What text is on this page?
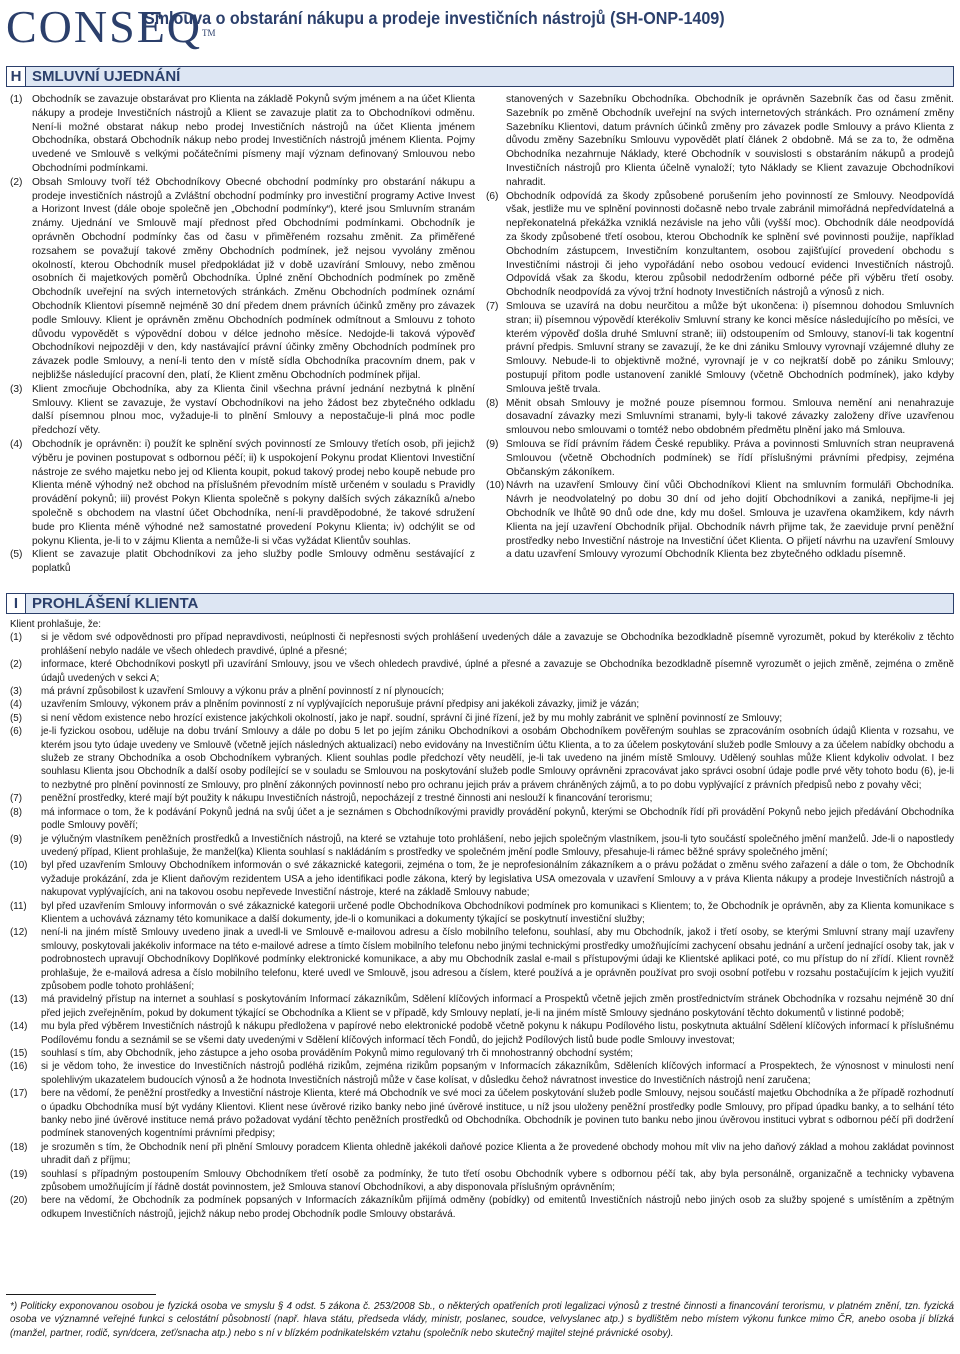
CONSEQ™
Smlouva o obstarání nákupu a prodeje investičních nástrojů (SH-ONP-1409)
H SMLUVNÍ UJEDNÁNÍ
(1) Obchodník se zavazuje obstarávat pro Klienta na základě Pokynů svým jménem a na účet Klienta nákupy a prodeje Investičních nástrojů a Klient se zavazuje platit za to Obchodníkovi odměnu. Není-li možné obstarat nákup nebo prodej Investičních nástrojů na účet Klienta jménem Obchodníka, obstará Obchodník nákup nebo prodej Investičních nástrojů jménem Klienta. Pojmy uvedené ve Smlouvě s velkými počátečními písmeny mají význam definovaný Smlouvou nebo Obchodními podmínkami.
(2) Obsah Smlouvy tvoří též Obchodníkovy Obecné obchodní podmínky pro obstarání nákupu a prodeje investičních nástrojů a Zvláštní obchodní podmínky pro investiční programy Active Invest a Horizont Invest (dále oboje společně jen „Obchodní podmínky“), které jsou Smluvním stranám známy. Ujednání ve Smlouvě mají přednost před Obchodními podmínkami. Obchodník je oprávněn Obchodní podmínky čas od času v přiměřeném rozsahu změnit. Za přiměřené rozsahem se považují takové změny Obchodních podmínek, jež nejsou vyvolány změnou okolností, kterou Obchodník musel předpokládat již v době uzavírání Smlouvy, nebo změnou osobních či majetkových poměrů Obchodníka. Úplné znění Obchodních podmínek po změně Obchodník uveřejní na svých internetových stránkách. Změnu Obchodních podmínek oznámí Obchodník Klientovi písemně nejméně 30 dní předem dnem právních účinků změny pro závazek podle Smlouvy. Klient je oprávněn změnu Obchodních podmínek odmítnout a Smlouvu z tohoto důvodu vypovědět s výpovědní dobou v délce jednoho měsíce. Nedojde-li taková výpověď Obchodníkovi nejpozději v den, kdy nastávající právní účinky změny Obchodních podmínek pro závazek podle Smlouvy, a není-li tento den v místě sídla Obchodníka pracovním dnem, pak v nejbližše následující pracovní den, platí, že Klient změnu Obchodních podmínek přijal.
(3) Klient zmocňuje Obchodníka, aby za Klienta činil všechna právní jednání nezbytná k plnění Smlouvy. Klient se zavazuje, že vystaví Obchodníkovi na jeho žádost bez zbytečného odkladu další písemnou plnou moc, vyžaduje-li to plnění Smlouvy a nepostačuje-li plná moc podle předchozí věty.
(4) Obchodník je oprávněn: i) použít ke splnění svých povinností ze Smlouvy třetích osob, při jejichž výběru je povinen postupovat s odbornou péčí; ii) k uspokojení Pokynu prodat Klientovi Investiční nástroje ze svého majetku nebo jej od Klienta koupit, pokud takový prodej nebo koupě nebude pro Klienta méně výhodný než obchod na příslušném převodním místě určeném v souladu s Pravidly provádění pokynů; iii) provést Pokyn Klienta společně s pokyny dalších svých zákazníků a/nebo společně s obchodem na vlastní účet Obchodníka, není-li pravděpodobné, že takové sdružení bude pro Klienta méně výhodné než samostatné provedení Pokynu Klienta; iv) odchýlit se od pokynu Klienta, je-li to v zájmu Klienta a nemůže-li si včas vyžádat Klientův souhlas.
(5) Klient se zavazuje platit Obchodníkovi za jeho služby podle Smlouvy odměnu sestávající z poplatků
stanovených v Sazebníku Obchodníka. Obchodník je oprávněn Sazebník čas od času změnit. Sazebník po změně Obchodník uveřejní na svých internetových stránkách. Pro oznámení změny Sazebníku Klientovi, datum právních účinků změny pro závazek podle Smlouvy a právo Klienta z důvodu změny Sazebníku Smlouvu vypovědět platí článek 2 obdobně. Má se za to, že odměna Obchodníka nezahrnuje Náklady, které Obchodník v souvislosti s obstaráním nákupů a prodejů Investičních nástrojů pro Klienta účelně vynaloží; tyto Náklady se Klient zavazuje Obchodníkovi nahradit.
(6) Obchodník odpovídá za škody způsobené porušením jeho povinností ze Smlouvy. Neodpovídá však, jestliže mu ve splnění povinnosti dočasně nebo trvale zabránil mimořádná nepředvídatelná a nepřekonatelná překážka vzniklá nezávisle na jeho vůli (vyšší moc). Obchodník dále neodpovídá za škody způsobené třetí osobou, kterou Obchodník ke splnění své povinnosti použije, například Obchodním zástupcem, Investičním konzultantem, osobou zajišťující provedení obchodu s Investičními nástroji či jeho vypořádání nebo osobou vedoucí evidenci Investičních nástrojů. Odpovídá však za škodu, kterou způsobil nedodržením odborné péče při výběru třetí osoby. Obchodník neodpovídá za vývoj tržní hodnoty Investičních nástrojů a výnosů z nich.
(7) Smlouva se uzavírá na dobu neurčitou a může být ukončena: i) písemnou dohodou Smluvních stran; ii) písemnou výpovědí kterékoliv Smluvní strany ke konci měsíce následujícího po měsíci, ve kterém výpověď došla druhé Smluvní straně; iii) odstoupením od Smlouvy, stanoví-li tak kogentní právní předpis. Smluvní strany se zavazují, že ke dni zániku Smlouvy vyrovnají vzájemné dluhy ze Smlouvy. Nebude-li to objektivně možné, vyrovnají je v co nejkratší době po zániku Smlouvy; postupují přitom podle ustanovení zaniklé Smlouvy (včetně Obchodních podmínek), jako kdyby Smlouva ještě trvala.
(8) Měnit obsah Smlouvy je možné pouze písemnou formou. Smlouva nemění ani nenahrazuje dosavadní závazky mezi Smluvními stranami, byly-li takové závazky založeny dříve uzavřenou smlouvou nebo smlouvami o tomtéž nebo obdobném předmětu plnění jako má Smlouva.
(9) Smlouva se řídí právním řádem České republiky. Práva a povinnosti Smluvních stran neupravená Smlouvou (včetně Obchodních podmínek) se řídí příslušnými právními předpisy, zejména Občanským zákoníkem.
(10) Návrh na uzavření Smlouvy činí vůči Obchodníkovi Klient na smluvním formuláři Obchodníka. Návrh je neodvolatelný po dobu 30 dní od jeho dojití Obchodníkovi a zaniká, nepřijme-li jej Obchodník ve lhůtě 90 dnů ode dne, kdy mu došel. Smlouva je uzavřena okamžikem, kdy návrh Klienta na její uzavření Obchodník přijal. Obchodník návrh přijme tak, že zaeviduje první peněžní prostředky nebo Investiční nástroje na Investiční účet Klienta. O přijetí návrhu na uzavření Smlouvy a datu uzavření Smlouvy vyrozumí Obchodník Klienta bez zbytečného odkladu písemně.
I PROHLÁŠENÍ KLIENTA

Klient prohlašuje, že:

(1)	si je vědom své odpovědnosti pro případ nepravdivosti, neúplnosti či nepřesnosti svých prohlášení uvedených dále a zavazuje se Obchodníka bezodkladně písemně vyrozumět, pokud by kterékoliv z těchto prohlášení nebylo nadále ve všech ohledech pravdivé, úplné a přesné;
(2)	informace, které Obchodníkovi poskytl při uzavírání Smlouvy, jsou ve všech ohledech pravdivé, úplné a přesné a zavazuje se Obchodníka bezodkladně písemně vyrozumět o jejich změně, zejména o změně údajů uvedených v sekci A;
(3)	má právní způsobilost k uzavření Smlouvy a výkonu práv a plnění povinností z ní plynoucích;
(4)	uzavřením Smlouvy, výkonem práv a plněním povinností z ní vyplývajících neporušuje právní předpisy ani jakékoli závazky, jimiž je vázán;
(5)	si není vědom existence nebo hrozící existence jakýchkoli okolností, jako je např. soudní, správní či jiné řízení, jež by mu mohly zabránit ve splnění povinností ze Smlouvy;
(6)	je-li fyzickou osobou, uděluje na dobu trvání Smlouvy a dále po dobu 5 let po jejím zániku Obchodníkovi a osobám Obchodníkem pověřeným souhlas se zpracováním osobních údajů Klienta v rozsahu, ve kterém jsou tyto údaje uvedeny ve Smlouvě (včetně jejích následných aktualizací) nebo evidovány na Investičním účtu Klienta, a to za účelem poskytování služeb podle Smlouvy a za účelem nabídky obchodu a služeb ze strany Obchodníka a osob Obchodníkem vybraných. Klient souhlas podle předchozí věty neudělí, je-li tak uvedeno na jiném místě Smlouvy. Udělený souhlas může Klient kdykoliv odvolat. I bez souhlasu Klienta jsou Obchodník a další osoby podílející se v souladu se Smlouvou na poskytování služeb podle Smlouvy oprávněni zpracovávat jako správci osobní údaje podle prvé věty tohoto bodu (6), je-li to nezbytné pro plnění povinností ze Smlouvy, pro plnění zákonných povinností nebo pro ochranu jejich práv a právem chráněných zájmů, a to po dobu vyplývající z právních předpisů nebo z povahy věci;
(7)	peněžní prostředky, které mají být použity k nákupu Investičních nástrojů, nepocházejí z trestné činnosti ani neslouží k financování terorismu;
(8)	má informace o tom, že k podávání Pokynů jedná na svůj účet a je seznámen s Obchodníkovými pravidly provádění pokynů, kterými se Obchodník řídí při provádění Pokynů nebo jejich předávání Obchodníka podle Smlouvy pověří;
(9)	je výlučným vlastníkem peněžních prostředků a Investičních nástrojů, na které se vztahuje toto prohlášení, nebo jejich společným vlastníkem, jsou-li tyto součástí společného jmění manželů. Jde-li o napostledy uvedený případ, Klient prohlašuje, že manžel(ka) Klienta souhlasí s nakládáním s prostředky ve společném jmění podle Smlouvy, přesahuje-li rámec běžné správy společného jmění;
(10)	byl před uzavřením Smlouvy Obchodníkem informován o své zákaznické kategorii, zejména o tom, že je neprofesionálním zákazníkem a o právu požádat o změnu svého zařazení a dále o tom, že Obchodník vyžaduje prokázání, zda je Klient daňovým rezidentem USA a jeho identifikaci podle zákona, který by legislativa USA omezovala v uzavření Smlouvy a v práva Klienta nákupy a prodeje Investičních nástrojů a nakupovat vyplývajících, ani na takovou osobu nepřevede Investiční nástroje, které na základě Smlouvy nabude;
(11)	byl před uzavřením Smlouvy informován o své zákaznické kategorii určené podle Obchodníkova Obchodníkovi podmínek pro komunikaci s Klientem; to, že Obchodník je oprávněn, aby za Klienta komunikace s Klientem a uchovává záznamy této komunikace a další dokumenty, jde-li o komunikaci a dokumenty týkající se poskytnutí investiční služby;
(12)	není-li na jiném místě Smlouvy uvedeno jinak a uvedl-li ve Smlouvě e-mailovou adresu a číslo mobilního telefonu, souhlasí, aby mu Obchodník, jakož i třetí osoby, se kterými Smluvní strany mají uzavřeny smlouvy, poskytovali jakékoliv informace na této e-mailové adrese a tímto číslem mobilního telefonu nebo jinými technickými prostředky umožňujícími zachycení obsahu jednání a určení jednající osoby tak, jak v podrobnostech upravují Obchodníkovy Doplňkové podmínky elektronické komunikace, a aby mu Obchodník zaslal e-mail s přístupovými údaji ke Klientské aplikaci poté, co mu přístup do ní zřídí. Klient rovněž prohlašuje, že e-mailová adresa a číslo mobilního telefonu, které uvedl ve Smlouvě, jsou adresou a číslem, které používá a je oprávněn používat pro svoji osobní potřebu v rozsahu postačujícím k jejich využití způsobem podle tohoto prohlášení;
(13)	má pravidelný přístup na internet a souhlasí s poskytováním Informací zákazníkům, Sdělení klíčových informací a Prospektů včetně jejich změn prostřednictvím stránek Obchodníka v rozsahu nejméně 30 dní před jejich zveřejněním, pokud by dokument týkající se Obchodníka a Klient se v případě, kdy Smlouvy neplatí, je-li na jiném místě Smlouvy sjednáno poskytování těchto dokumentů v listinné podobě;
(14)	mu byla před výběrem Investičních nástrojů k nákupu předložena v papírové nebo elektronické podobě včetně pokynu k nákupu Podílového listu, poskytnuta aktuální Sdělení klíčových informací k příslušnému Podílovému fondu a seznámil se se všemi daty uvedenými v Sdělení klíčových informací těch Fondů, do jejichž Podílových listů bude podle Smlouvy investovat;
(15)	souhlasí s tím, aby Obchodník, jeho zástupce a jeho osoba prováděním Pokynů mimo regulovaný trh či mnohostranný obchodní systém;
(16)	si je vědom toho, že investice do Investičních nástrojů podléhá rizikům, zejména rizikům popsaným v Informacích zákazníkům, Sděleních klíčových informací a Prospektech, že výnosnost v minulosti není spolehlivým ukazatelem budoucích výnosů a že hodnota Investičních nástrojů může v čase kolísat, v důsledku čehož návratnost investice do Investičních nástrojů není zaručena;
(17)	bere na vědomí, že peněžní prostředky a Investiční nástroje Klienta, které má Obchodník ve své moci za účelem poskytování služeb podle Smlouvy, nejsou součástí majetku Obchodníka a že případě rozhodnutí o úpadku Obchodníka musí být vydány Klientovi. Klient nese úvěrové riziko banky nebo jiné úvěrové instituce, u níž jsou uloženy peněžní prostředky podle Smlouvy, pro případ úpadku banky, a to selhání této banky nebo jiné úvěrové instituce nemá právo požadovat vydání těchto peněžních prostředků od Obchodníka. Obchodník je povinen tuto banku nebo jinou úvěrovou instituci vybrat s odbornou péčí při dodržení podmínek stanovených kogentními právními předpisy;
(18)	je srozuměn s tím, že Obchodník není při plnění Smlouvy poradcem Klienta ohledně jakékoli daňové pozice Klienta a že provedené obchody mohou mít vliv na jeho daňový základ a mohou zakládat povinnost uhradit daň z příjmu;
(19)	souhlasí s případným postoupením Smlouvy Obchodníkem třetí osobě za podmínky, že tuto třetí osobu Obchodník vybere s odbornou péčí tak, aby byla personálně, organizačně a technicky vybavena způsobem umožňujícím jí řádně dostát povinnostem, jež Smlouva stanoví Obchodníkovi, a aby disponovala příslušným oprávněním;
(20)	bere na vědomí, že Obchodník za podmínek popsaných v Informacích zákazníkům přijímá odměny (pobídky) od emitentů Investičních nástrojů nebo jiných osob za služby spojené s umístěním a zpětným odkupem Investičních nástrojů, jejichž nákup nebo prodej Obchodník podle Smlouvy obstarává.
*) Politicky exponovanou osobou je fyzická osoba ve smyslu § 4 odst. 5 zákona č. 253/2008 Sb., o některých opatřeních proti legalizaci výnosů z trestné činnosti a financování terorismu, v platném znění, tzn. fyzická osoba ve významné veřejné funkci s celostátní působností (např. hlava státu, předseda vlády, ministr, poslanec, soudce, velvyslanec atp.) s bydlištěm nebo místem výkonu funkce mimo ČR, anebo osoba jí blízká (manžel, partner, rodič, syn/dcera, zeť/snacha atp.) nebo s ní v blízkém podnikatelském vztahu (společník nebo skutečný majitel stejné právnické osoby).
